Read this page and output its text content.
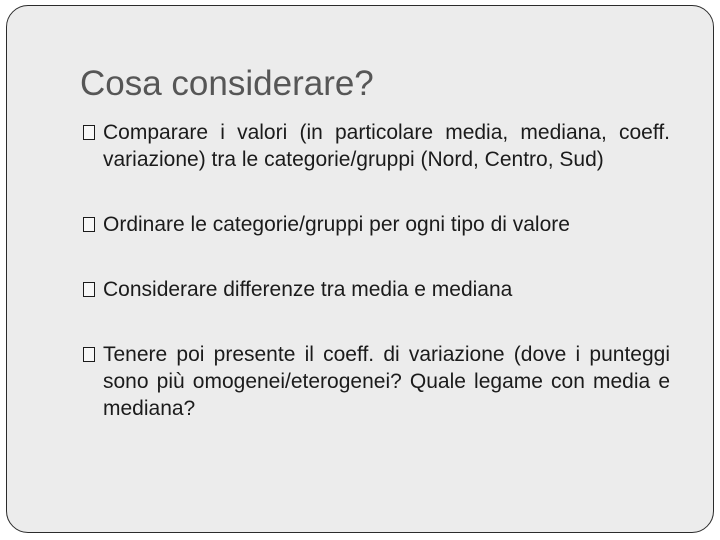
Cosa considerare?
Comparare i valori (in particolare media, mediana, coeff. variazione) tra le categorie/gruppi (Nord, Centro, Sud)
Ordinare le categorie/gruppi per ogni tipo di valore
Considerare differenze tra media e mediana
Tenere poi presente il coeff. di variazione (dove i punteggi sono più omogenei/eterogenei? Quale legame con media e mediana?
